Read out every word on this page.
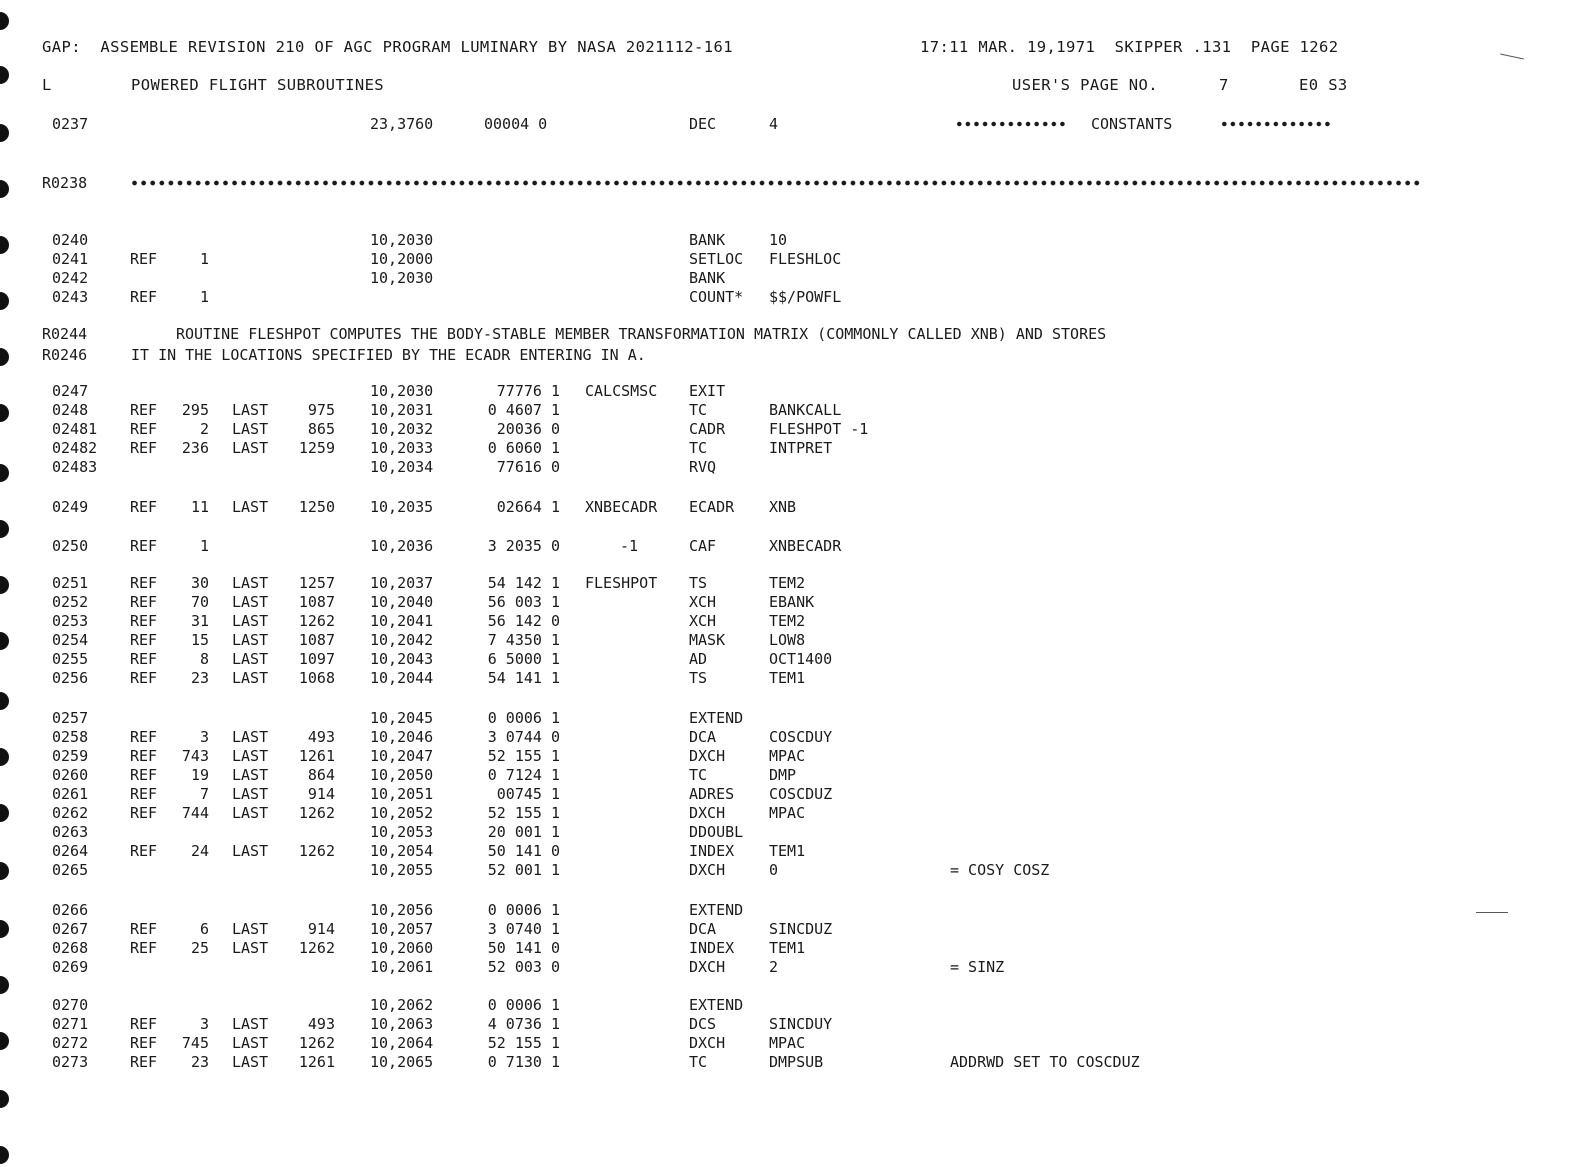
GAP:  ASSEMBLE REVISION 210 OF AGC PROGRAM LUMINARY BY NASA 2021112-161	17:11 MAR. 19,1971  SKIPPER .131  PAGE 1262
L	POWERED FLIGHT SUBROUTINES	USER'S PAGE NO.	7	E0 S3
0237	23,3760	00004 0	DEC	4	CONSTANTS
R0238
0240	10,2030	BANK	10
0241	REF	1	10,2000	SETLOC FLESHLOC
0242	10,2030	BANK
0243	REF	1	COUNT* $$/POWFL
0247	10,2030	77776 1 CALCSMSC EXIT
0248	REF	295 LAST	975 10,2031	0 4607 1	TC	BANKCALL
02481 REF	2 LAST	865 10,2032	20036 0	CADR	FLESHPOT -1
02482 REF	236 LAST	1259 10,2033	0 6060 1	TC	INTPRET
02483	10,2034	77616 0	RVQ
0249	REF	11 LAST	1250 10,2035	02664 1 XNBECADR ECADR XNB
0250	REF	1	10,2036	3 2035 0	-1	CAF	XNBECADR
0251	REF	30 LAST	1257 10,2037	54 142 1 FLESHPOT TS	TEM2
0252	REF	70 LAST	1087 10,2040	56 003 1	XCH	EBANK
0253	REF	31 LAST	1262 10,2041	56 142 0	XCH	TEM2
0254	REF	15 LAST	1087 10,2042	7 4350 1	MASK	LOW8
0255	REF	8 LAST	1097 10,2043	6 5000 1	AD	OCT1400
0256	REF	23 LAST	1068 10,2044	54 141 1	TS	TEM1
0257	10,2045	0 0006 1	EXTEND
0258	REF	3 LAST	493 10,2046	3 0744 0	DCA	COSCDUY
0259	REF	743 LAST	1261 10,2047	52 155 1	DXCH	MPAC
0260	REF	19 LAST	864 10,2050	0 7124 1	TC	DMP
0261	REF	7 LAST	914 10,2051	00745 1	ADRES COSCDUZ
0262	REF	744 LAST	1262 10,2052	52 155 1	DXCH	MPAC
0263	10,2053	20 001 1	DDOUBL
0264	REF	24 LAST	1262 10,2054	50 141 0	INDEX TEM1
0265	10,2055	52 001 1	DXCH	0	= COSY COSZ
0266	10,2056	0 0006 1	EXTEND
0267	REF	6 LAST	914 10,2057	3 0740 1	DCA	SINCDUZ
0268	REF	25 LAST	1262 10,2060	50 141 0	INDEX TEM1
0269	10,2061	52 003 0	DXCH	2	= SINZ
0270	10,2062	0 0006 1	EXTEND
0271	REF	3 LAST	493 10,2063	4 0736 1	DCS	SINCDUY
0272	REF	745 LAST	1262 10,2064	52 155 1	DXCH	MPAC
0273	REF	23 LAST	1261 10,2065	0 7130 1	TC	DMPSUB	ADDRWD SET TO COSCDUZ
R0244	ROUTINE FLESHPOT COMPUTES THE BODY-STABLE MEMBER TRANSFORMATION MATRIX (COMMONLY CALLED XNB) AND STORES
R0246	IT IN THE LOCATIONS SPECIFIED BY THE ECADR ENTERING IN A.
